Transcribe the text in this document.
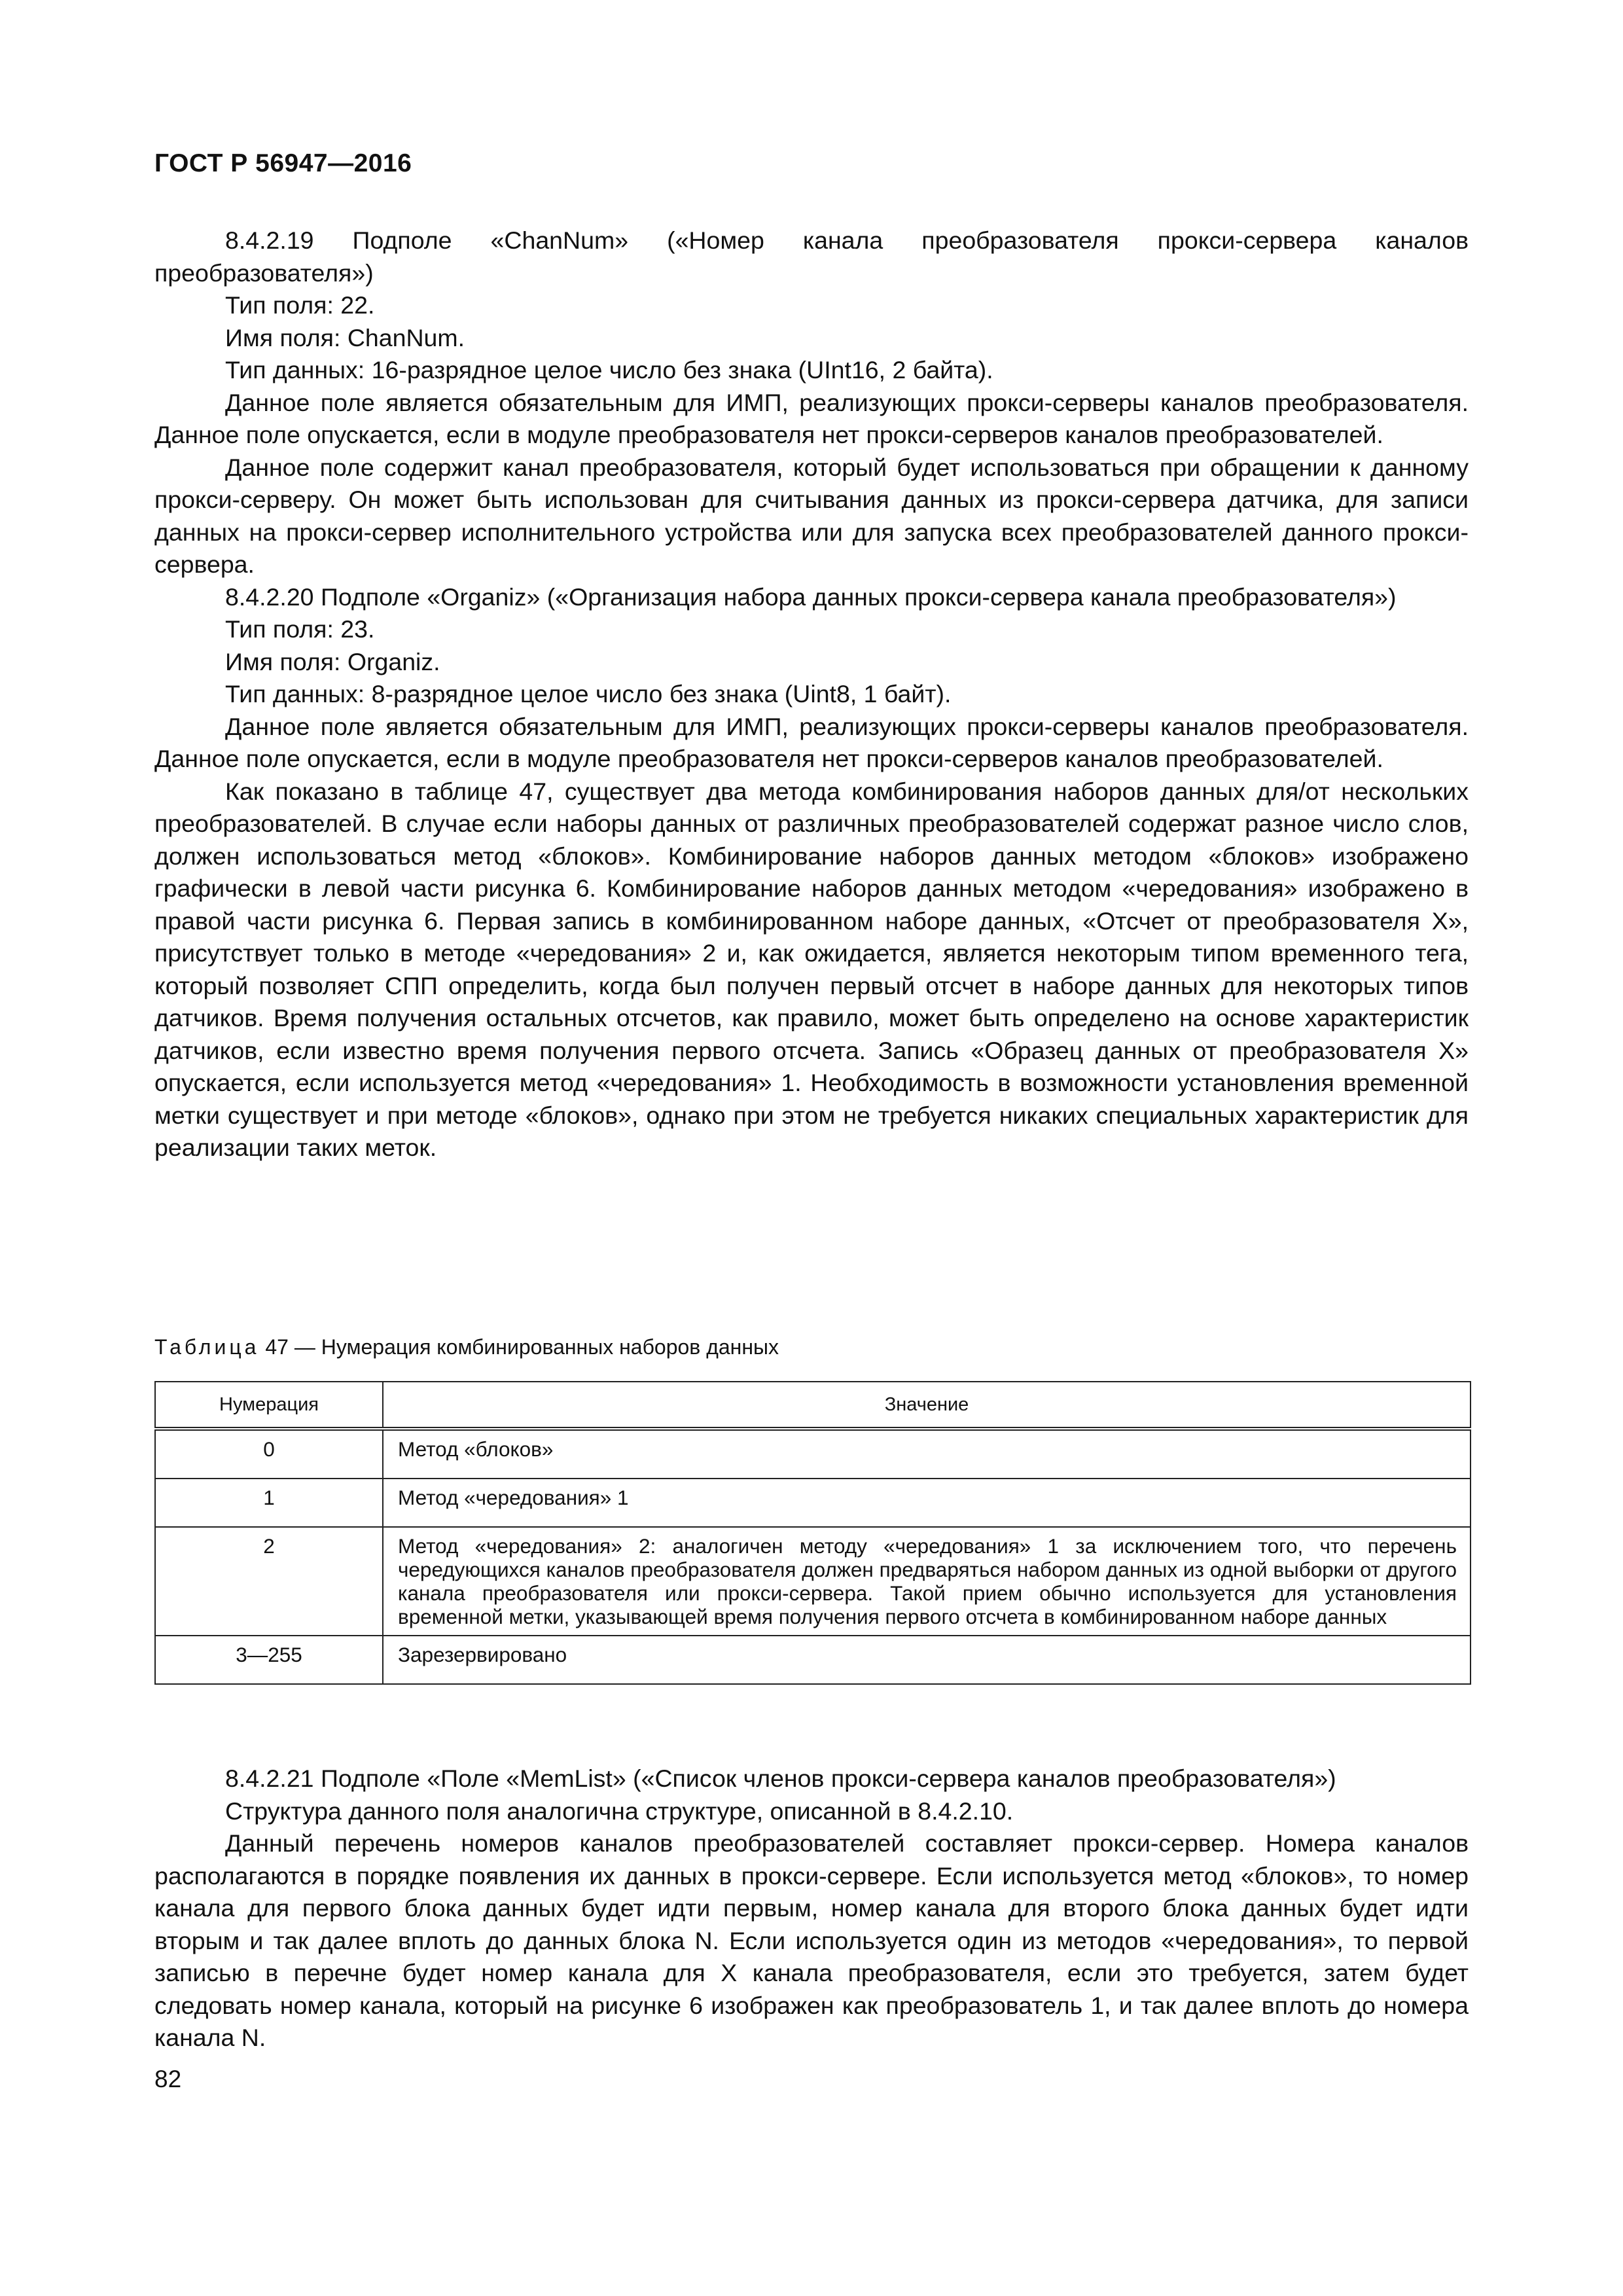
ГОСТ Р 56947—2016

8.4.2.19 Подполе «ChanNum» («Номер канала преобразователя прокси-сервера каналов преобразователя»)

Тип поля: 22.

Имя поля: ChanNum.

Тип данных: 16-разрядное целое число без знака (UInt16, 2 байта).

Данное поле является обязательным для ИМП, реализующих прокси-серверы каналов преобразователя. Данное поле опускается, если в модуле преобразователя нет прокси-серверов каналов преобразователей.

Данное поле содержит канал преобразователя, который будет использоваться при обращении к данному прокси-серверу. Он может быть использован для считывания данных из прокси-сервера датчика, для записи данных на прокси-сервер исполнительного устройства или для запуска всех преобразователей данного прокси-сервера.

8.4.2.20 Подполе «Organiz» («Организация набора данных прокси-сервера канала преобразователя»)

Тип поля: 23.

Имя поля: Organiz.

Тип данных: 8-разрядное целое число без знака (Uint8, 1 байт).

Данное поле является обязательным для ИМП, реализующих прокси-серверы каналов преобразователя. Данное поле опускается, если в модуле преобразователя нет прокси-серверов каналов преобразователей.

Как показано в таблице 47, существует два метода комбинирования наборов данных для/от нескольких преобразователей. В случае если наборы данных от различных преобразователей содержат разное число слов, должен использоваться метод «блоков». Комбинирование наборов данных методом «блоков» изображено графически в левой части рисунка 6. Комбинирование наборов данных методом «чередования» изображено в правой части рисунка 6. Первая запись в комбинированном наборе данных, «Отсчет от преобразователя X», присутствует только в методе «чередования» 2 и, как ожидается, является некоторым типом временного тега, который позволяет СПП определить, когда был получен первый отсчет в наборе данных для некоторых типов датчиков. Время получения остальных отсчетов, как правило, может быть определено на основе характеристик датчиков, если известно время получения первого отсчета. Запись «Образец данных от преобразователя X» опускается, если используется метод «чередования» 1. Необходимость в возможности установления временной метки существует и при методе «блоков», однако при этом не требуется никаких специальных характеристик для реализации таких меток.

Таблица 47 — Нумерация комбинированных наборов данных
Нумерация	Значение
0	Метод «блоков»
1	Метод «чередования» 1
2	Метод «чередования» 2: аналогичен методу «чередования» 1 за исключением того, что перечень чередующихся каналов преобразователя должен предваряться набором данных из одной выборки от другого канала преобразователя или прокси-сервера. Такой прием обычно используется для установления временной метки, указывающей время получения первого отсчета в комбинированном наборе данных
3—255	Зарезервировано

8.4.2.21 Подполе «Поле «MemList» («Список членов прокси-сервера каналов преобразователя»)

Структура данного поля аналогична структуре, описанной в 8.4.2.10.

Данный перечень номеров каналов преобразователей составляет прокси-сервер. Номера каналов располагаются в порядке появления их данных в прокси-сервере. Если используется метод «блоков», то номер канала для первого блока данных будет идти первым, номер канала для второго блока данных будет идти вторым и так далее вплоть до данных блока N. Если используется один из методов «чередования», то первой записью в перечне будет номер канала для X канала преобразователя, если это требуется, затем будет следовать номер канала, который на рисунке 6 изображен как преобразователь 1, и так далее вплоть до номера канала N.

82
